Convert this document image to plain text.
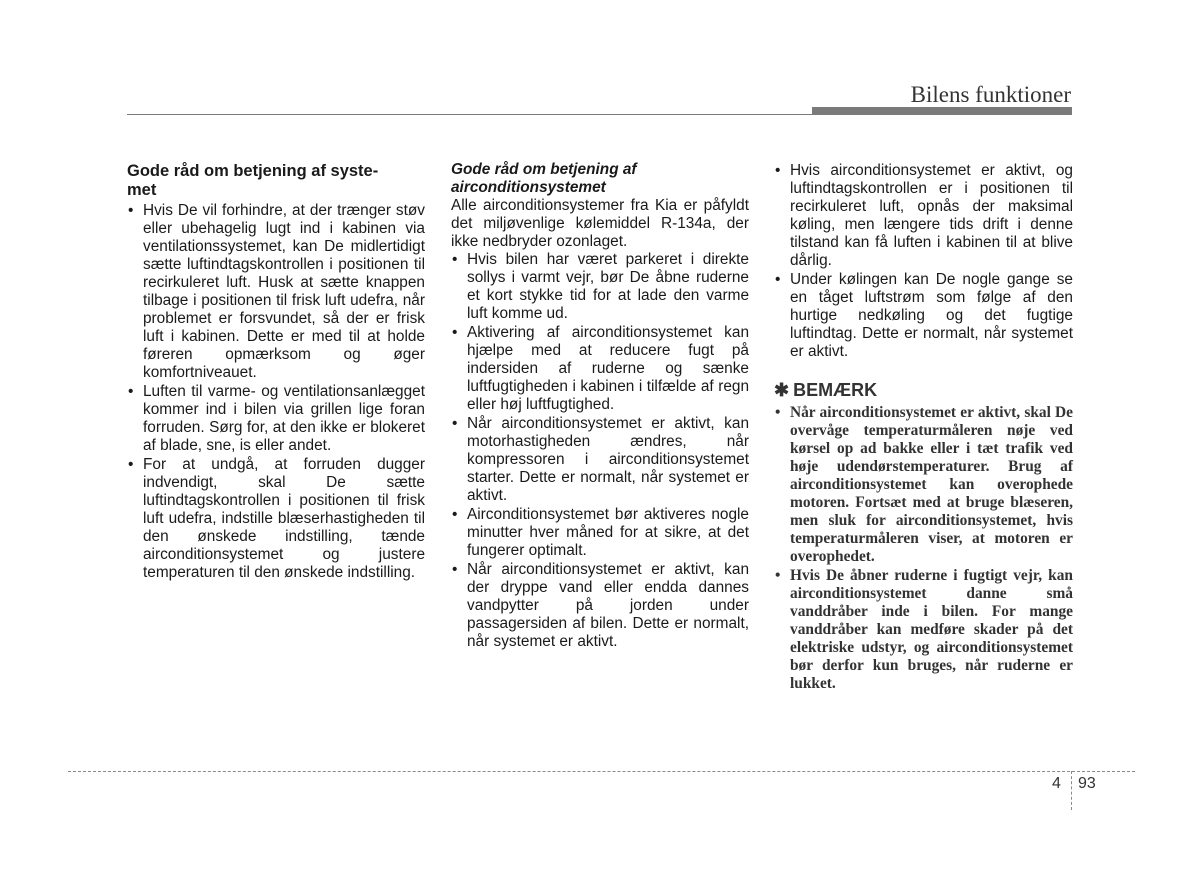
Bilens funktioner

Gode råd om betjening af syste-
met

• Hvis De vil forhindre, at der trænger støv eller ubehagelig lugt ind i kabinen via ventilationssystemet, kan De midlertidigt sætte luftindtagskontrollen i positionen til recirkuleret luft. Husk at sætte knappen tilbage i positionen til frisk luft udefra, når problemet er forsvundet, så der er frisk luft i kabinen. Dette er med til at holde føreren opmærksom og øger komfortniveauet.
• Luften til varme- og ventilationsanlægget kommer ind i bilen via grillen lige foran forruden. Sørg for, at den ikke er blokeret af blade, sne, is eller andet.
• For at undgå, at forruden dugger indvendigt, skal De sætte luftindtagskontrollen i positionen til frisk luft udefra, indstille blæserhastigheden til den ønskede indstilling, tænde airconditionsystemet og justere temperaturen til den ønskede indstilling.

Gode råd om betjening af airconditionsystemet

Alle airconditionsystemer fra Kia er påfyldt det miljøvenlige kølemiddel R-134a, der ikke nedbryder ozonlaget.

• Hvis bilen har været parkeret i direkte sollys i varmt vejr, bør De åbne ruderne et kort stykke tid for at lade den varme luft komme ud.
• Aktivering af airconditionsystemet kan hjælpe med at reducere fugt på indersiden af ruderne og sænke luftfugtigheden i kabinen i tilfælde af regn eller høj luftfugtighed.
• Når airconditionsystemet er aktivt, kan motorhastigheden ændres, når kompressoren i airconditionsystemet starter. Dette er normalt, når systemet er aktivt.
• Airconditionsystemet bør aktiveres nogle minutter hver måned for at sikre, at det fungerer optimalt.
• Når airconditionsystemet er aktivt, kan der dryppe vand eller endda dannes vandpytter på jorden under passagersiden af bilen. Dette er normalt, når systemet er aktivt.
• Hvis airconditionsystemet er aktivt, og luftindtagskontrollen er i positionen til recirkuleret luft, opnås der maksimal køling, men længere tids drift i denne tilstand kan få luften i kabinen til at blive dårlig.
• Under kølingen kan De nogle gange se en tåget luftstrøm som følge af den hurtige nedkøling og det fugtige luftindtag. Dette er normalt, når systemet er aktivt.
✱ BEMÆRK
• Når airconditionsystemet er aktivt, skal De overvåge temperaturmåleren nøje ved kørsel op ad bakke eller i tæt trafik ved høje udendørstemperaturer. Brug af airconditionsystemet kan overophede motoren. Fortsæt med at bruge blæseren, men sluk for airconditionsystemet, hvis temperaturmåleren viser, at motoren er overophedet.
• Hvis De åbner ruderne i fugtigt vejr, kan airconditionsystemet danne små vanddråber inde i bilen. For mange vanddråber kan medføre skader på det elektriske udstyr, og airconditionsystemet bør derfor kun bruges, når ruderne er lukket.
4 93
